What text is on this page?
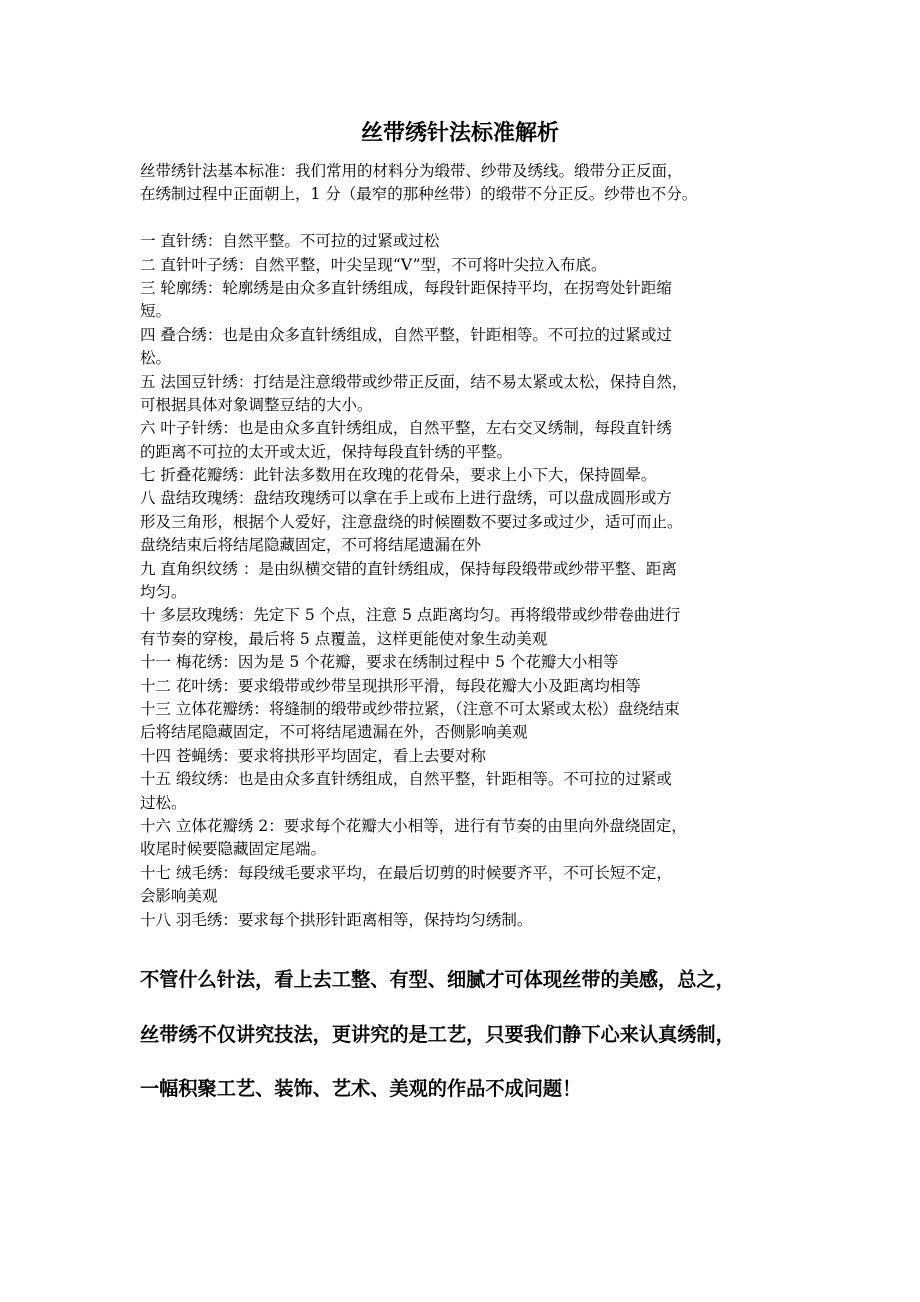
丝带绣针法标准解析
丝带绣针法基本标准：我们常用的材料分为缎带、纱带及绣线。缎带分正反面，
在绣制过程中正面朝上，1 分（最窄的那种丝带）的缎带不分正反。纱带也不分。
一 直针绣：自然平整。不可拉的过紧或过松
二 直针叶子绣：自然平整，叶尖呈现“V”型，不可将叶尖拉入布底。
三 轮廓绣：轮廓绣是由众多直针绣组成，每段针距保持平均，在拐弯处针距缩
短。
四 叠合绣：也是由众多直针绣组成，自然平整，针距相等。不可拉的过紧或过
松。
五 法国豆针绣：打结是注意缎带或纱带正反面，结不易太紧或太松，保持自然，
可根据具体对象调整豆结的大小。
六 叶子针绣：也是由众多直针绣组成，自然平整，左右交叉绣制，每段直针绣
的距离不可拉的太开或太近，保持每段直针绣的平整。
七 折叠花瓣绣：此针法多数用在玫瑰的花骨朵，要求上小下大，保持圆晕。
八 盘结玫瑰绣：盘结玫瑰绣可以拿在手上或布上进行盘绣，可以盘成圆形或方
形及三角形，根据个人爱好，注意盘绕的时候圈数不要过多或过少，适可而止。
盘绕结束后将结尾隐藏固定，不可将结尾遗漏在外
九 直角织纹绣 ：是由纵横交错的直针绣组成，保持每段缎带或纱带平整、距离
均匀。
十 多层玫瑰绣：先定下 5 个点，注意 5 点距离均匀。再将缎带或纱带卷曲进行
有节奏的穿梭，最后将 5 点覆盖，这样更能使对象生动美观
十一 梅花绣：因为是 5 个花瓣，要求在绣制过程中 5 个花瓣大小相等
十二 花叶绣：要求缎带或纱带呈现拱形平滑，每段花瓣大小及距离均相等
十三 立体花瓣绣：将缝制的缎带或纱带拉紧，（注意不可太紧或太松）盘绕结束
后将结尾隐藏固定，不可将结尾遗漏在外，否侧影响美观
十四 苍蝇绣：要求将拱形平均固定，看上去要对称
十五 缎纹绣：也是由众多直针绣组成，自然平整，针距相等。不可拉的过紧或
过松。
十六 立体花瓣绣 2：要求每个花瓣大小相等，进行有节奏的由里向外盘绕固定，
收尾时候要隐藏固定尾端。
十七 绒毛绣：每段绒毛要求平均，在最后切剪的时候要齐平，不可长短不定，
会影响美观
十八 羽毛绣：要求每个拱形针距离相等，保持均匀绣制。
不管什么针法，看上去工整、有型、细腻才可体现丝带的美感，总之，
丝带绣不仅讲究技法，更讲究的是工艺，只要我们静下心来认真绣制，
一幅积聚工艺、装饰、艺术、美观的作品不成问题！
